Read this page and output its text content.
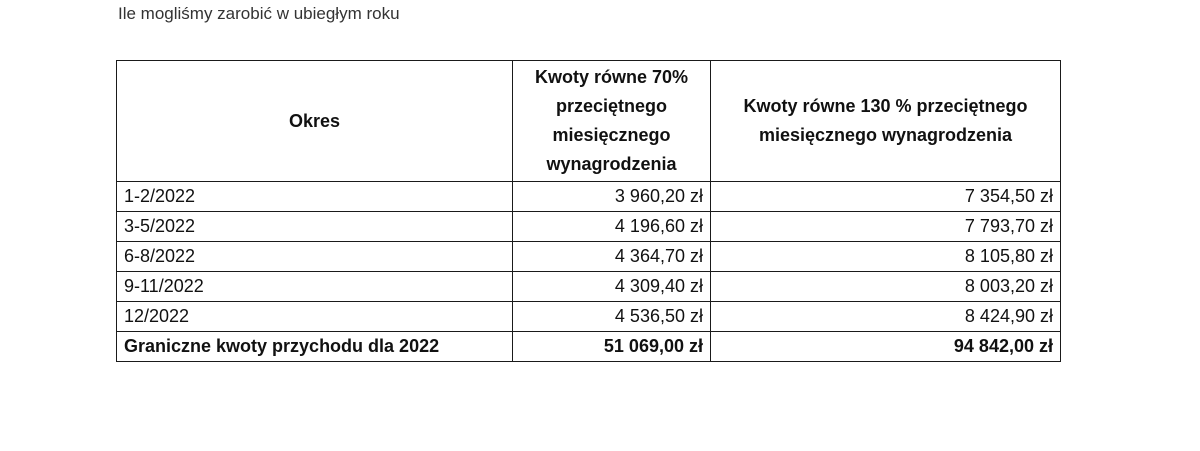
Ile mogliśmy zarobić w ubiegłym roku
Okres	Kwoty równe 70% przeciętnego miesięcznego wynagrodzenia	Kwoty równe 130 % przeciętnego miesięcznego wynagrodzenia
1-2/2022	3 960,20 zł	7 354,50 zł
3-5/2022	4 196,60 zł	7 793,70 zł
6-8/2022	4 364,70 zł	8 105,80 zł
9-11/2022	4 309,40 zł	8 003,20 zł
12/2022	4 536,50 zł	8 424,90 zł
Graniczne kwoty przychodu dla 2022	51 069,00 zł	94 842,00 zł
